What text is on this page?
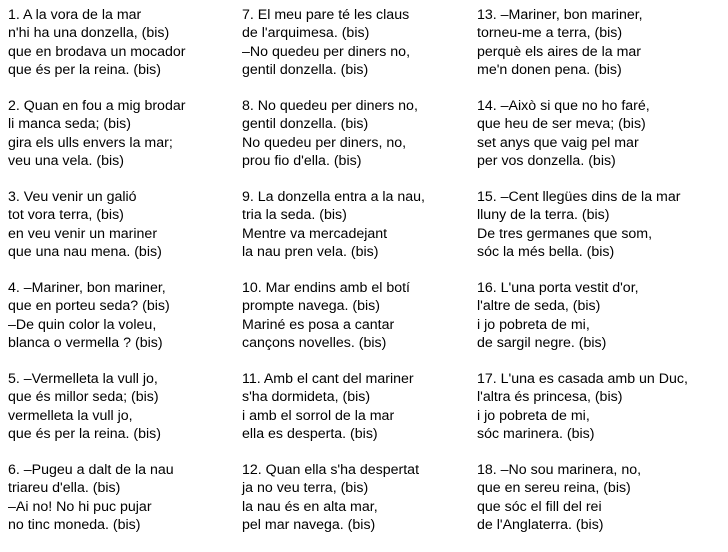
1. A la vora de la mar
n'hi ha una donzella, (bis)
que en brodava un mocador
que és per la reina. (bis)
2. Quan en fou a mig brodar
li manca seda; (bis)
gira els ulls envers la mar;
veu una vela. (bis)
3. Veu venir un galió
tot vora terra, (bis)
en veu venir un mariner
que una nau mena. (bis)
4. –Mariner, bon mariner,
que en porteu seda? (bis)
–De quin color la voleu,
blanca o vermella ? (bis)
5. –Vermelleta la vull jo,
que és millor seda; (bis)
vermelleta la vull jo,
que és per la reina. (bis)
6. –Pugeu a dalt de la nau
triareu d'ella. (bis)
–Ai no! No hi puc pujar
no tinc moneda. (bis)
7. El meu pare té les claus
de l'arquimesa. (bis)
–No quedeu per diners no,
gentil donzella. (bis)
8. No quedeu per diners no,
gentil donzella. (bis)
No quedeu per diners, no,
prou fio d'ella. (bis)
9. La donzella entra a la nau,
tria la seda. (bis)
Mentre va mercadejant
la nau pren vela. (bis)
10. Mar endins amb el botí
prompte navega. (bis)
Mariné es posa a cantar
cançons novelles. (bis)
11. Amb el cant del mariner
s'ha dormideta, (bis)
i amb el sorrol de la mar
ella es desperta. (bis)
12. Quan ella s'ha despertat
ja no veu terra, (bis)
la nau és en alta mar,
pel mar navega. (bis)
13. –Mariner, bon mariner,
torneu-me a terra, (bis)
perquè els aires de la mar
me'n donen pena. (bis)
14. –Això si que no ho faré,
que heu de ser meva; (bis)
set anys que vaig pel mar
per vos donzella. (bis)
15. –Cent llegües dins de la mar
lluny de la terra. (bis)
De tres germanes que som,
sóc la més bella. (bis)
16. L'una porta vestit d'or,
l'altre de seda, (bis)
i jo pobreta de mi,
de sargil negre. (bis)
17. L'una es casada amb un Duc,
l'altra és princesa, (bis)
i jo pobreta de mi,
sóc marinera. (bis)
18. –No sou marinera, no,
que en sereu reina, (bis)
que sóc el fill del rei
de l'Anglaterra. (bis)
